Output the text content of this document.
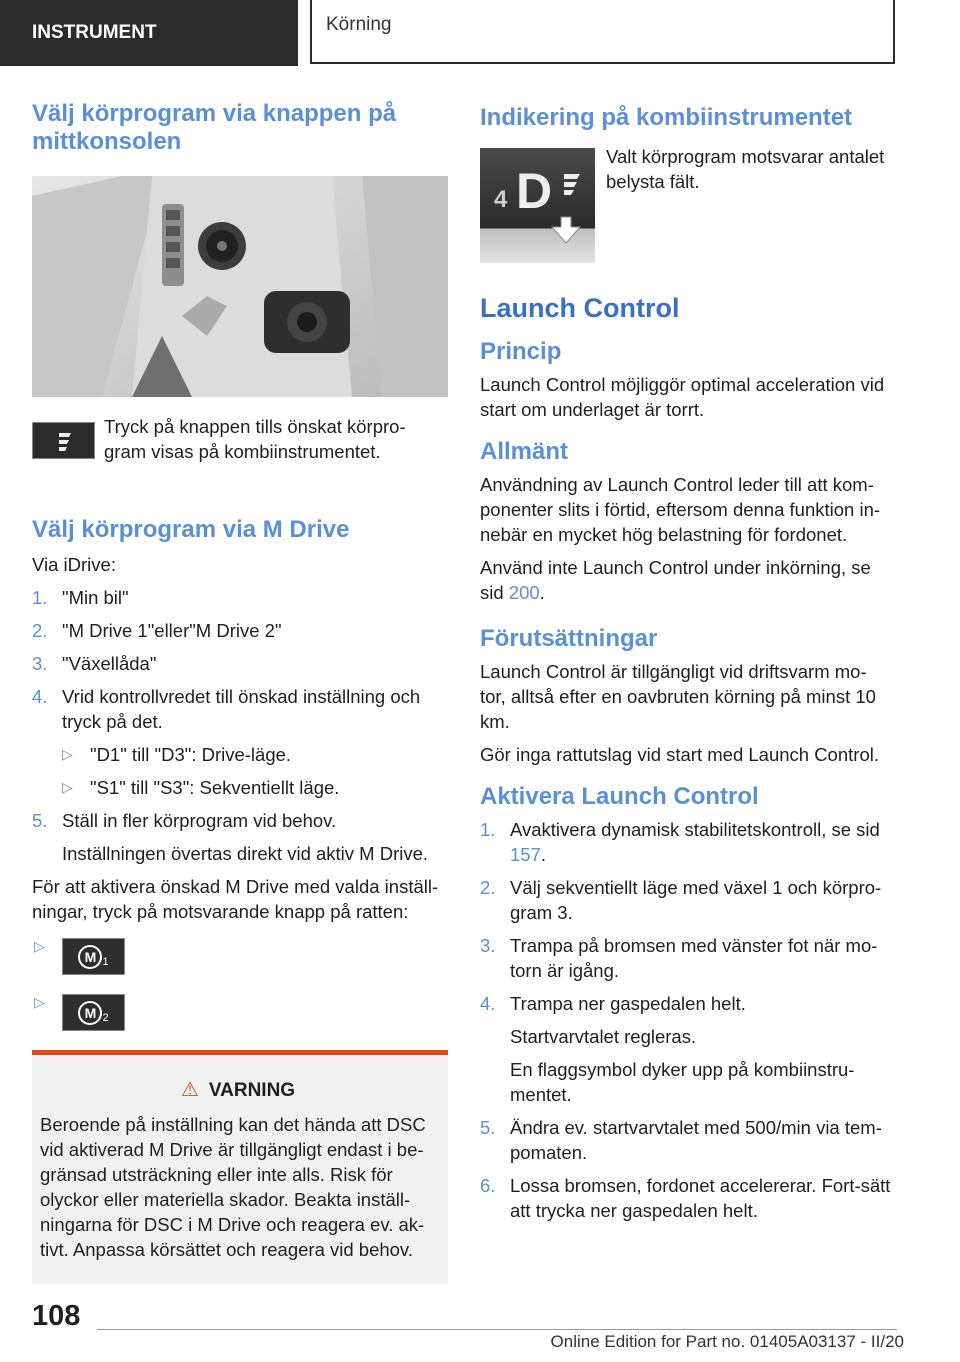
INSTRUMENT	Körning
Välj körprogram via knappen på mittkonsolen
Tryck på knappen tills önskat körpro-gram visas på kombiinstrumentet.
Välj körprogram via M Drive

Via iDrive:

1. "Min bil"
2. "M Drive 1"eller"M Drive 2"
3. "Växellåda"
4. Vrid kontrollvredet till önskad inställning och tryck på det.
▷ "D1" till "D3": Drive-läge.
▷ "S1" till "S3": Sekventiellt läge.
5. Ställ in fler körprogram vid behov.
Inställningen övertas direkt vid aktiv M Drive.

För att aktivera önskad M Drive med valda inställ-ningar, tryck på motsvarande knapp på ratten:

▷
M $_1$
▷
M $_2$
⚠ VARNING

Beroende på inställning kan det hända att DSC vid aktiverad M Drive är tillgängligt endast i be-gränsad utsträckning eller inte alls. Risk för olyckor eller materiella skador. Beakta inställ-ningarna för DSC i M Drive och reagera ev. ak-tivt. Anpassa körsättet och reagera vid behov.

Indikering på kombiinstrumentet
4 D
Valt körprogram motsvarar antalet belysta fält.
Launch Control
Princip

Launch Control möjliggör optimal acceleration vid start om underlaget är torrt.

Allmänt

Användning av Launch Control leder till att kom-ponenter slits i förtid, eftersom denna funktion in-nebär en mycket hög belastning för fordonet.

Använd inte Launch Control under inkörning, se sid 200.

Förutsättningar

Launch Control är tillgängligt vid driftsvarm mo-tor, alltså efter en oavbruten körning på minst 10 km.

Gör inga rattutslag vid start med Launch Control.

Aktivera Launch Control
1. Avaktivera dynamisk stabilitetskontroll, se sid 157.
2. Välj sekventiellt läge med växel 1 och körpro-gram 3.
3. Trampa på bromsen med vänster fot när mo-torn är igång.
4. Trampa ner gaspedalen helt.
Startvarvtalet regleras.
En flaggsymbol dyker upp på kombiinstru-mentet.
5. Ändra ev. startvarvtalet med 500/min via tem-pomaten.
6. Lossa bromsen, fordonet accelererar. Fort-sätt att trycka ner gaspedalen helt.
108
Online Edition for Part no. 01405A03137 - II/20
